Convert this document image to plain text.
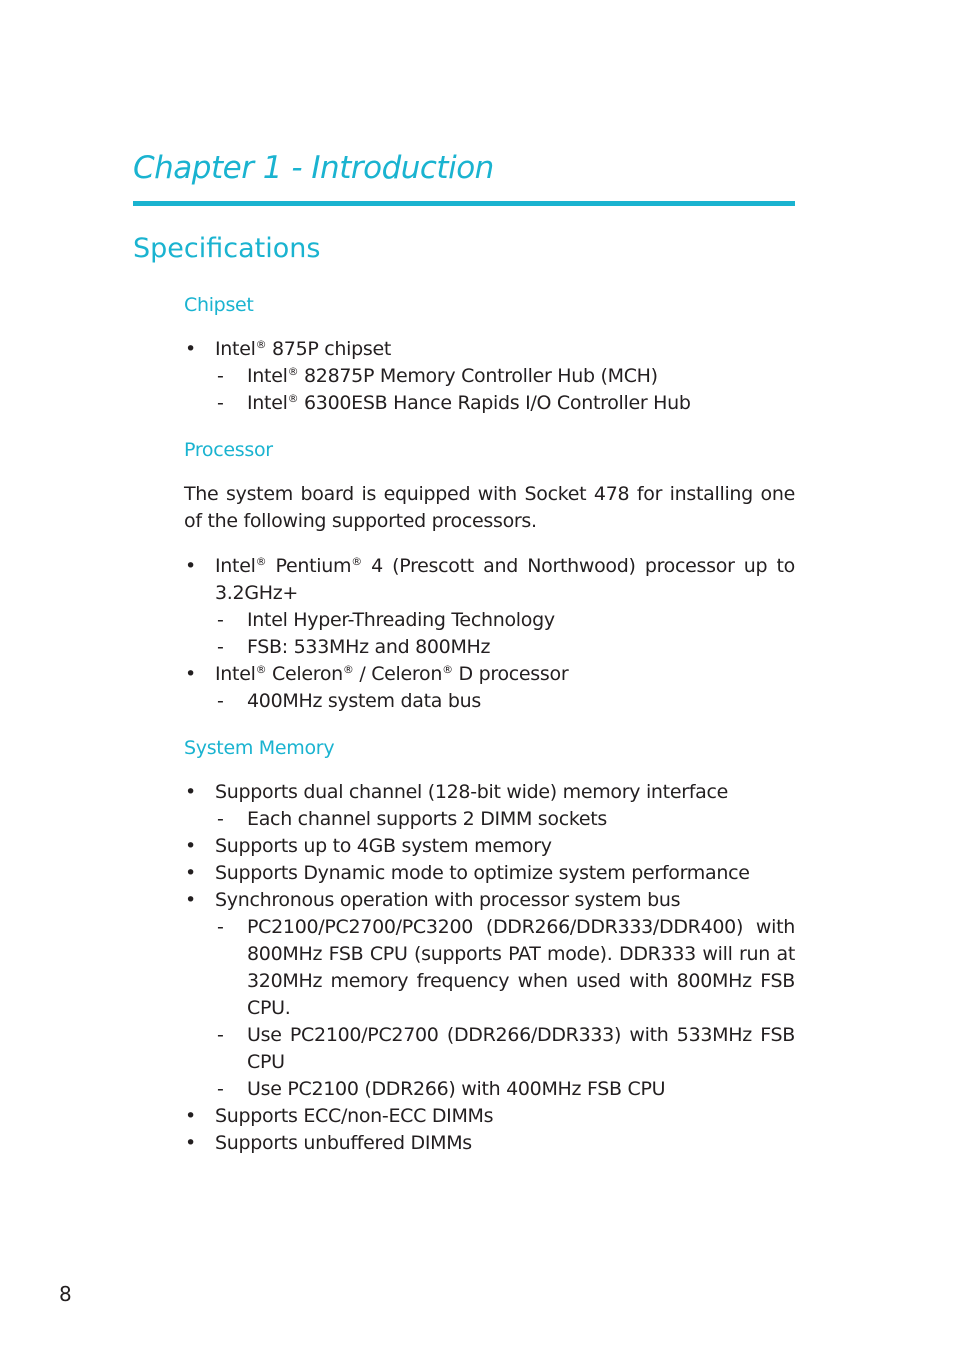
Chapter 1 - Introduction
Specifications
Chipset
• Intel® 875P chipset
- Intel® 82875P Memory Controller Hub (MCH)
- Intel® 6300ESB Hance Rapids I/O Controller Hub
Processor

The system board is equipped with Socket 478 for installing one of the following supported processors.

• Intel® Pentium® 4 (Prescott and Northwood) processor up to 3.2GHz+
- Intel Hyper-Threading Technology
- FSB: 533MHz and 800MHz
• Intel® Celeron® / Celeron® D processor
- 400MHz system data bus
System Memory
• Supports dual channel (128-bit wide) memory interface
- Each channel supports 2 DIMM sockets
• Supports up to 4GB system memory
• Supports Dynamic mode to optimize system performance
• Synchronous operation with processor system bus
- PC2100/PC2700/PC3200 (DDR266/DDR333/DDR400) with 800MHz FSB CPU (supports PAT mode). DDR333 will run at 320MHz memory frequency when used with 800MHz FSB CPU.
- Use PC2100/PC2700 (DDR266/DDR333) with 533MHz FSB CPU
- Use PC2100 (DDR266) with 400MHz FSB CPU
• Supports ECC/non-ECC DIMMs
• Supports unbuffered DIMMs
8
